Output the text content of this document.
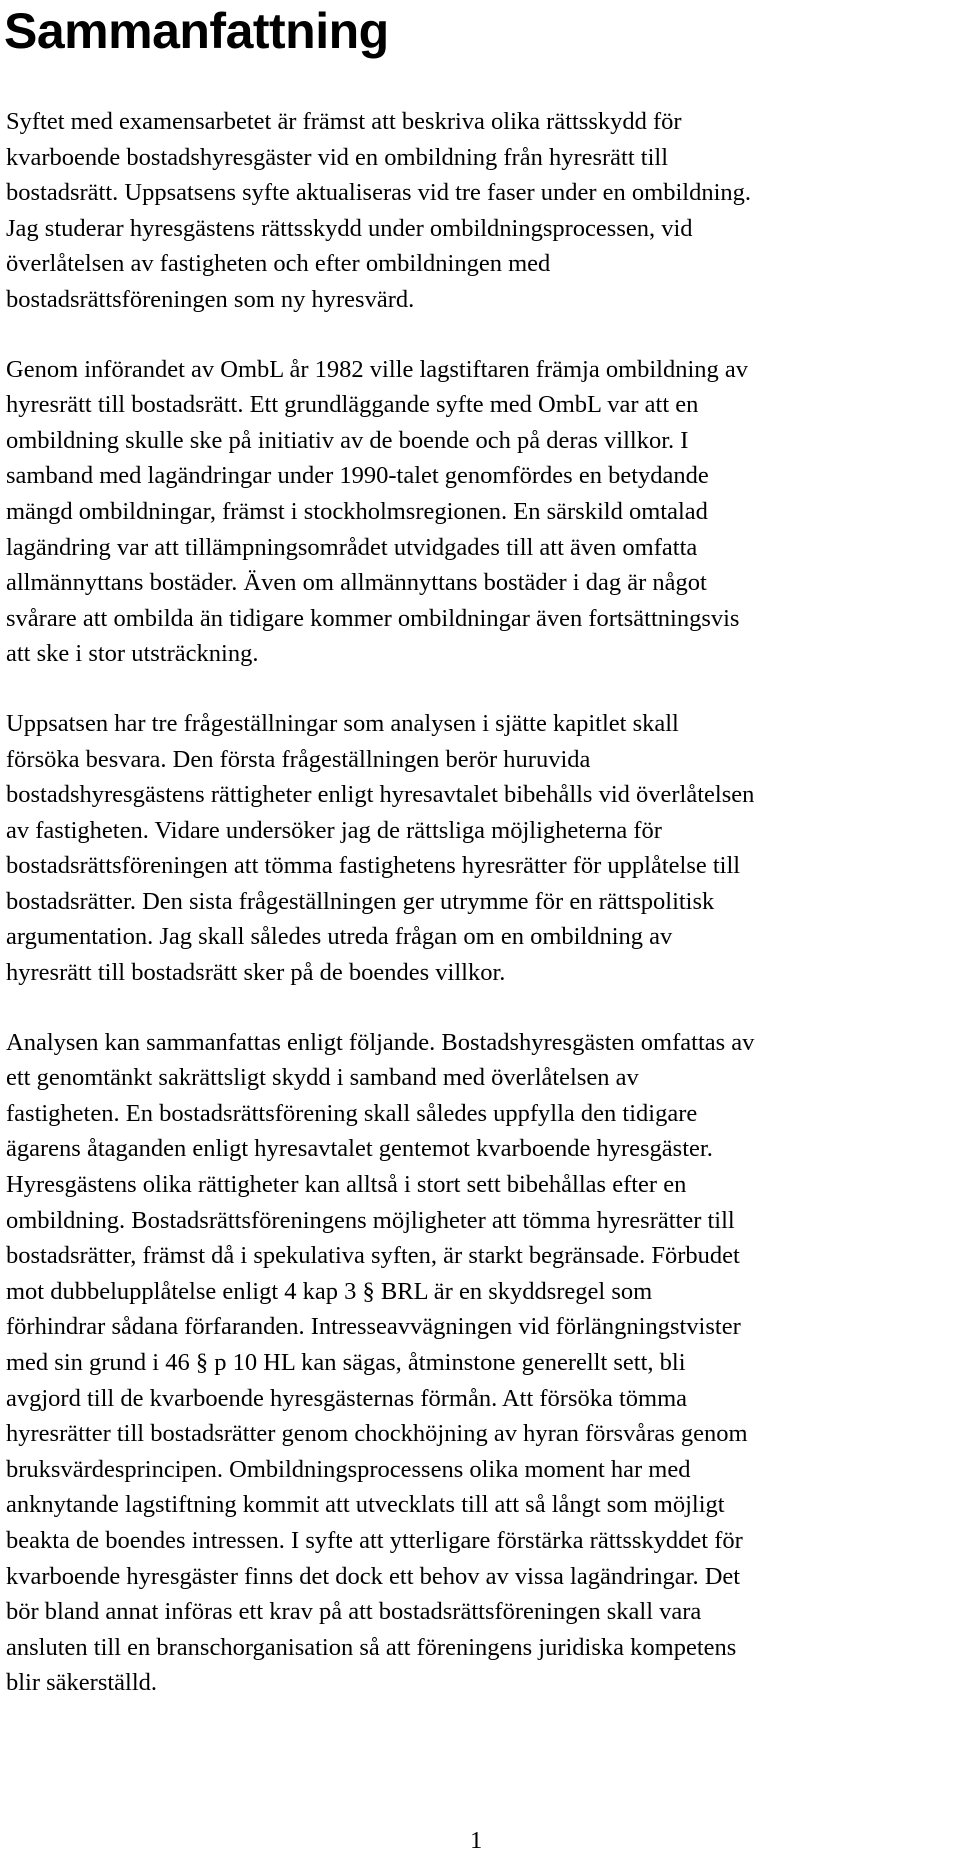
Sammanfattning

Syftet med examensarbetet är främst att beskriva olika rättsskydd för
kvarboende bostadshyresgäster vid en ombildning från hyresrätt till
bostadsrätt. Uppsatsens syfte aktualiseras vid tre faser under en ombildning.
Jag studerar hyresgästens rättsskydd under ombildningsprocessen, vid
överlåtelsen av fastigheten och efter ombildningen med
bostadsrättsföreningen som ny hyresvärd.

Genom införandet av OmbL år 1982 ville lagstiftaren främja ombildning av
hyresrätt till bostadsrätt. Ett grundläggande syfte med OmbL var att en
ombildning skulle ske på initiativ av de boende och på deras villkor. I
samband med lagändringar under 1990-talet genomfördes en betydande
mängd ombildningar, främst i stockholmsregionen. En särskild omtalad
lagändring var att tillämpningsområdet utvidgades till att även omfatta
allmännyttans bostäder. Även om allmännyttans bostäder i dag är något
svårare att ombilda än tidigare kommer ombildningar även fortsättningsvis
att ske i stor utsträckning.

Uppsatsen har tre frågeställningar som analysen i sjätte kapitlet skall
försöka besvara. Den första frågeställningen berör huruvida
bostadshyresgästens rättigheter enligt hyresavtalet bibehålls vid överlåtelsen
av fastigheten. Vidare undersöker jag de rättsliga möjligheterna för
bostadsrättsföreningen att tömma fastighetens hyresrätter för upplåtelse till
bostadsrätter. Den sista frågeställningen ger utrymme för en rättspolitisk
argumentation. Jag skall således utreda frågan om en ombildning av
hyresrätt till bostadsrätt sker på de boendes villkor.

Analysen kan sammanfattas enligt följande. Bostadshyresgästen omfattas av
ett genomtänkt sakrättsligt skydd i samband med överlåtelsen av
fastigheten. En bostadsrättsförening skall således uppfylla den tidigare
ägarens åtaganden enligt hyresavtalet gentemot kvarboende hyresgäster.
Hyresgästens olika rättigheter kan alltså i stort sett bibehållas efter en
ombildning. Bostadsrättsföreningens möjligheter att tömma hyresrätter till
bostadsrätter, främst då i spekulativa syften, är starkt begränsade. Förbudet
mot dubbelupplåtelse enligt 4 kap 3 § BRL är en skyddsregel som
förhindrar sådana förfaranden. Intresseavvägningen vid förlängningstvister
med sin grund i 46 § p 10 HL kan sägas, åtminstone generellt sett, bli
avgjord till de kvarboende hyresgästernas förmån. Att försöka tömma
hyresrätter till bostadsrätter genom chockhöjning av hyran försvåras genom
bruksvärdesprincipen. Ombildningsprocessens olika moment har med
anknytande lagstiftning kommit att utvecklats till att så långt som möjligt
beakta de boendes intressen. I syfte att ytterligare förstärka rättsskyddet för
kvarboende hyresgäster finns det dock ett behov av vissa lagändringar. Det
bör bland annat införas ett krav på att bostadsrättsföreningen skall vara
ansluten till en branschorganisation så att föreningens juridiska kompetens
blir säkerställd.

1
